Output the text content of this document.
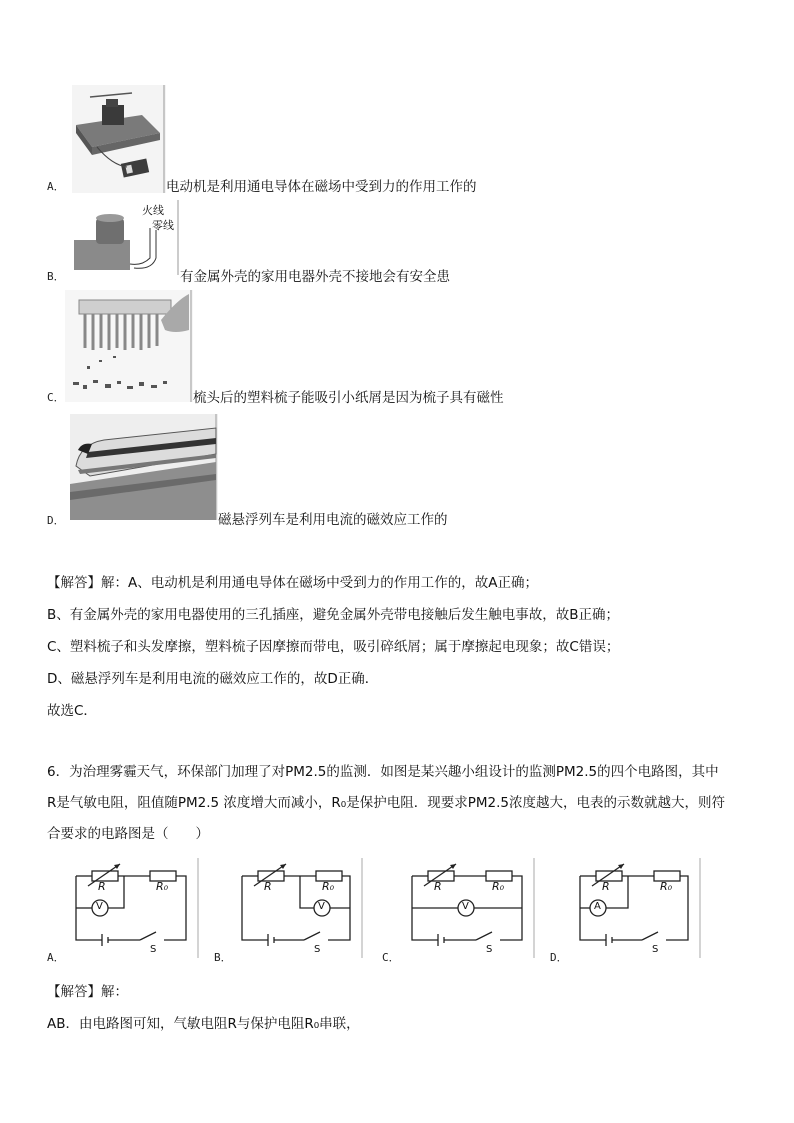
A．	电动机是利用通电导体在磁场中受到力的作用工作的
火线
零线
B．	有金属外壳的家用电器外壳不接地会有安全患
C．	梳头后的塑料梳子能吸引小纸屑是因为梳子具有磁性
D．	磁悬浮列车是利用电流的磁效应工作的
【解答】解：A、电动机是利用通电导体在磁场中受到力的作用工作的，故A正确；
B、有金属外壳的家用电器使用的三孔插座，避免金属外壳带电接触后发生触电事故，故B正确；
C、塑料梳子和头发摩擦，塑料梳子因摩擦而带电，吸引碎纸屑；属于摩擦起电现象；故C错误；
D、磁悬浮列车是利用电流的磁效应工作的，故D正确．
故选C．
6．为治理雾霾天气，环保部门加理了对PM2.5的监测．如图是某兴趣小组设计的监测PM2.5的四个电路图，其中
R是气敏电阻，阻值随PM2.5 浓度增大而减小，R₀是保护电阻．现要求PM2.5浓度越大，电表的示数就越大，则符
合要求的电路图是（　　）
A．
R	R₀
V
S
B．
R	R₀
V
S
C．
R	R₀
V
S
D．
R	R₀
A
S
【解答】解：
AB．由电路图可知，气敏电阻R与保护电阻R₀串联，
